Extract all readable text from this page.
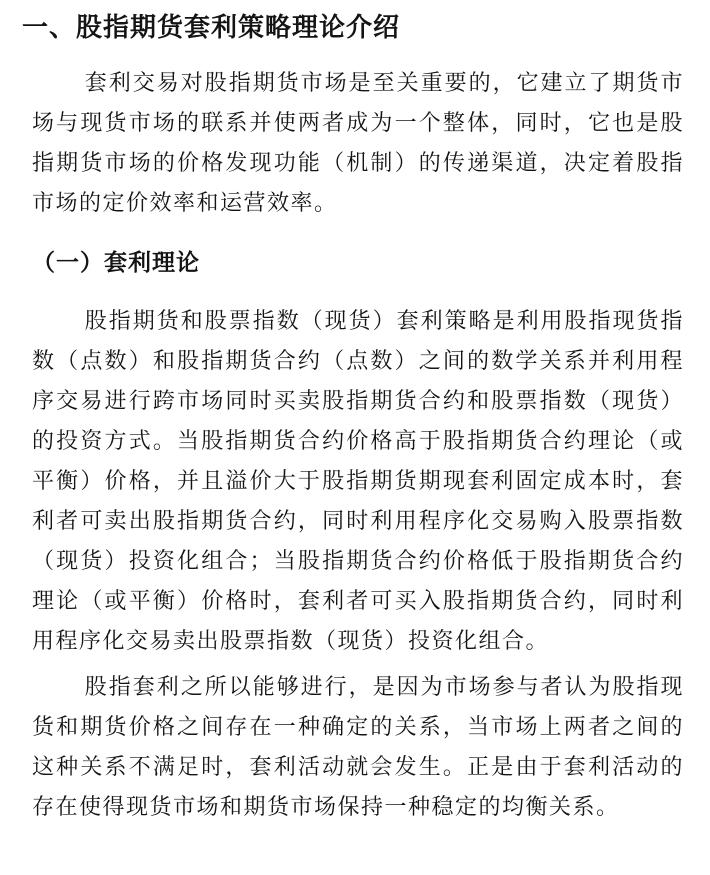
一、股指期货套利策略理论介绍

套利交易对股指期货市场是至关重要的，它建立了期货市场与现货市场的联系并使两者成为一个整体，同时，它也是股指期货市场的价格发现功能（机制）的传递渠道，决定着股指市场的定价效率和运营效率。

（一）套利理论

股指期货和股票指数（现货）套利策略是利用股指现货指数（点数）和股指期货合约（点数）之间的数学关系并利用程序交易进行跨市场同时买卖股指期货合约和股票指数（现货）的投资方式。当股指期货合约价格高于股指期货合约理论（或平衡）价格，并且溢价大于股指期货期现套利固定成本时，套利者可卖出股指期货合约，同时利用程序化交易购入股票指数（现货）投资化组合；当股指期货合约价格低于股指期货合约理论（或平衡）价格时，套利者可买入股指期货合约，同时利用程序化交易卖出股票指数（现货）投资化组合。

股指套利之所以能够进行，是因为市场参与者认为股指现货和期货价格之间存在一种确定的关系，当市场上两者之间的这种关系不满足时，套利活动就会发生。正是由于套利活动的存在使得现货市场和期货市场保持一种稳定的均衡关系。
